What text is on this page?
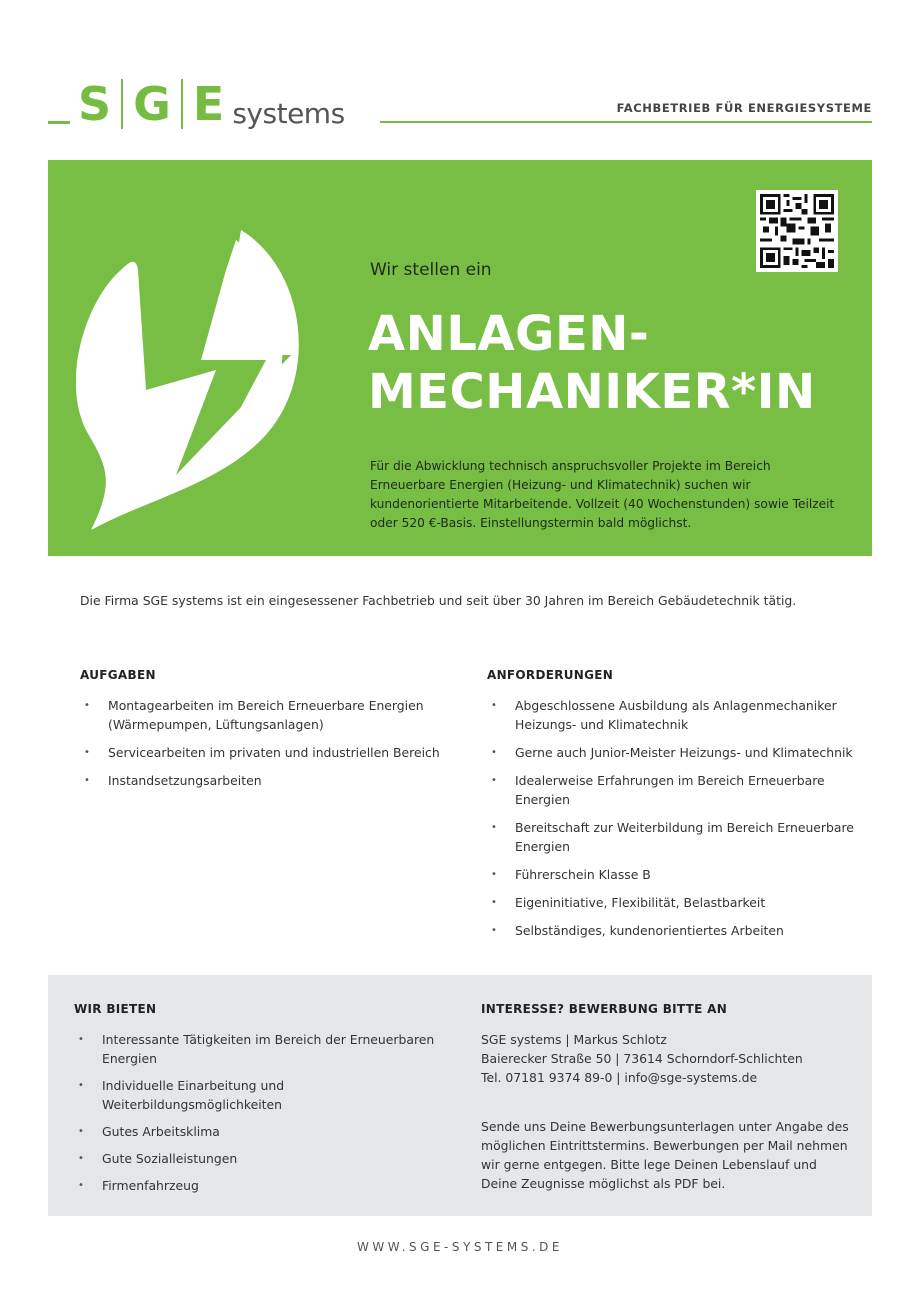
S G E systems	FACHBETRIEB FÜR ENERGIESYSTEME
Wir stellen ein
ANLAGEN-
MECHANIKER*IN

Für die Abwicklung technisch anspruchsvoller Projekte im Bereich Erneuerbare Energien (Heizung- und Klimatechnik) suchen wir kundenorientierte Mitarbeitende. Vollzeit (40 Wochenstunden) sowie Teilzeit oder 520 €-Basis. Einstellungstermin bald möglichst.

Die Firma SGE systems ist ein eingesessener Fachbetrieb und seit über 30 Jahren im Bereich Gebäudetechnik tätig.

AUFGABEN
• Montagearbeiten im Bereich Erneuerbare Energien (Wärmepumpen, Lüftungsanlagen)
• Servicearbeiten im privaten und industriellen Bereich
• Instandsetzungsarbeiten
ANFORDERUNGEN
• Abgeschlossene Ausbildung als Anlagenmechaniker Heizungs- und Klimatechnik
• Gerne auch Junior-Meister Heizungs- und Klimatechnik
• Idealerweise Erfahrungen im Bereich Erneuerbare Energien
• Bereitschaft zur Weiterbildung im Bereich Erneuerbare Energien
• Führerschein Klasse B
• Eigeninitiative, Flexibilität, Belastbarkeit
• Selbständiges, kundenorientiertes Arbeiten
WIR BIETEN
• Interessante Tätigkeiten im Bereich der Erneuerbaren Energien
• Individuelle Einarbeitung und Weiterbildungsmöglichkeiten
• Gutes Arbeitsklima
• Gute Sozialleistungen
• Firmenfahrzeug
INTERESSE? BEWERBUNG BITTE AN

SGE systems | Markus Schlotz

Baierecker Straße 50 | 73614 Schorndorf-Schlichten

Tel. 07181 9374 89-0 | info@sge-systems.de

Sende uns Deine Bewerbungsunterlagen unter Angabe des möglichen Eintrittstermins. Bewerbungen per Mail nehmen wir gerne entgegen. Bitte lege Deinen Lebenslauf und Deine Zeugnisse möglichst als PDF bei.

WWW.SGE-SYSTEMS.DE
